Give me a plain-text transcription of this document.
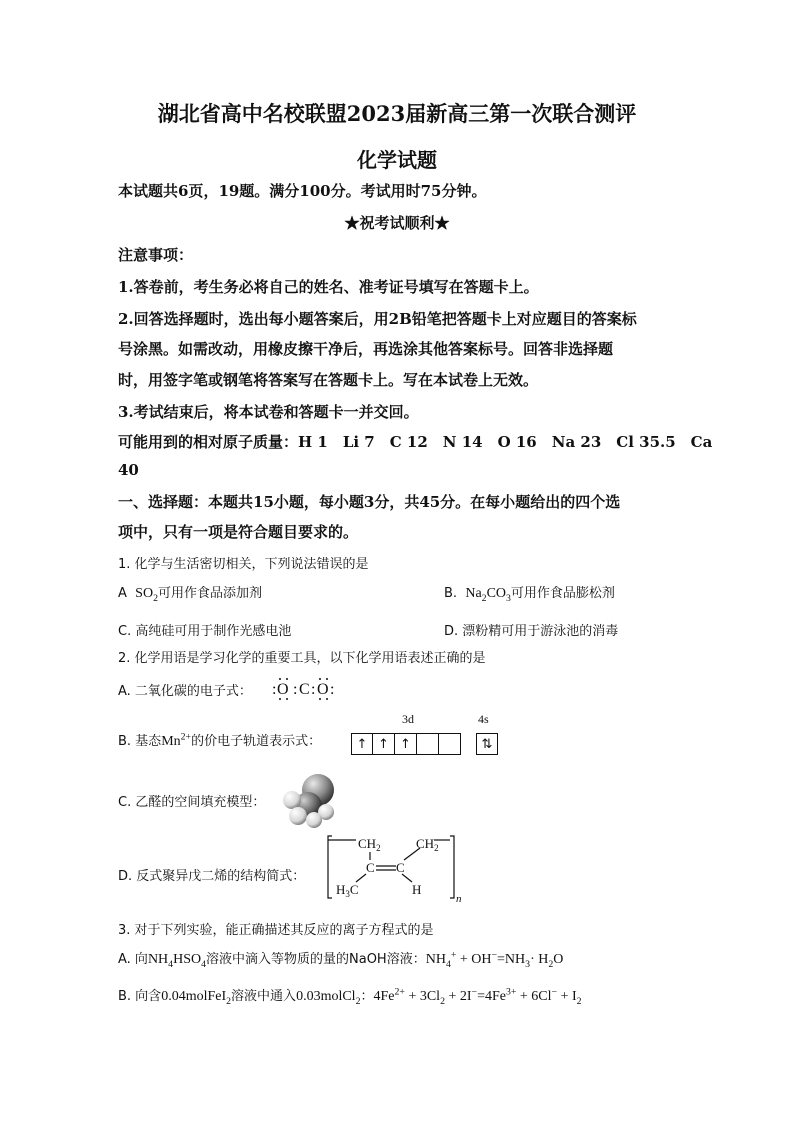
湖北省高中名校联盟2023届新高三第一次联合测评
化学试题
本试题共6页，19题。满分100分。考试用时75分钟。
★祝考试顺利★
注意事项：
1.答卷前，考生务必将自己的姓名、准考证号填写在答题卡上。
2.回答选择题时，选出每小题答案后，用2B铅笔把答题卡上对应题目的答案标
号涂黑。如需改动，用橡皮擦干净后，再选涂其他答案标号。回答非选择题
时，用签字笔或钢笔将答案写在答题卡上。写在本试卷上无效。
3.考试结束后，将本试卷和答题卡一并交回。
可能用到的相对原子质量：H 1　Li 7　C 12　N 14　O 16　Na 23　Cl 35.5　Ca
40
一、选择题：本题共15小题，每小题3分，共45分。在每小题给出的四个选
项中，只有一项是符合题目要求的。
1. 化学与生活密切相关，下列说法错误的是
A $SO_2$可用作食品添加剂	B. $Na_2CO_3$可用作食品膨松剂
C. 高纯硅可用于制作光感电池	D. 漂粉精可用于游泳池的消毒
2. 化学用语是学习化学的重要工具，以下化学用语表述正确的是
A. 二氧化碳的电子式： : O : C : O :
B. 基态$Mn^{2+}$的价电子轨道表示式：
3d	4s
↑ ↑ ↑	⇅
C. 乙醛的空间填充模型：
D. 反式聚异戊二烯的结构简式：
$CH_2$
C C
$CH_2$
$H_3C$	H
n
3. 对于下列实验，能正确描述其反应的离子方程式的是
A. 向$NH_4HSO_4$溶液中滴入等物质的量的NaOH溶液：$NH_4^+ + OH^-=NH_3\cdot H_2O$
B. 向含0.04molFeI$_2$溶液中通入0.03molCl$_2$：$4Fe^{2+} + 3Cl_2 + 2I^-=4Fe^{3+} + 6Cl^- + I_2$
